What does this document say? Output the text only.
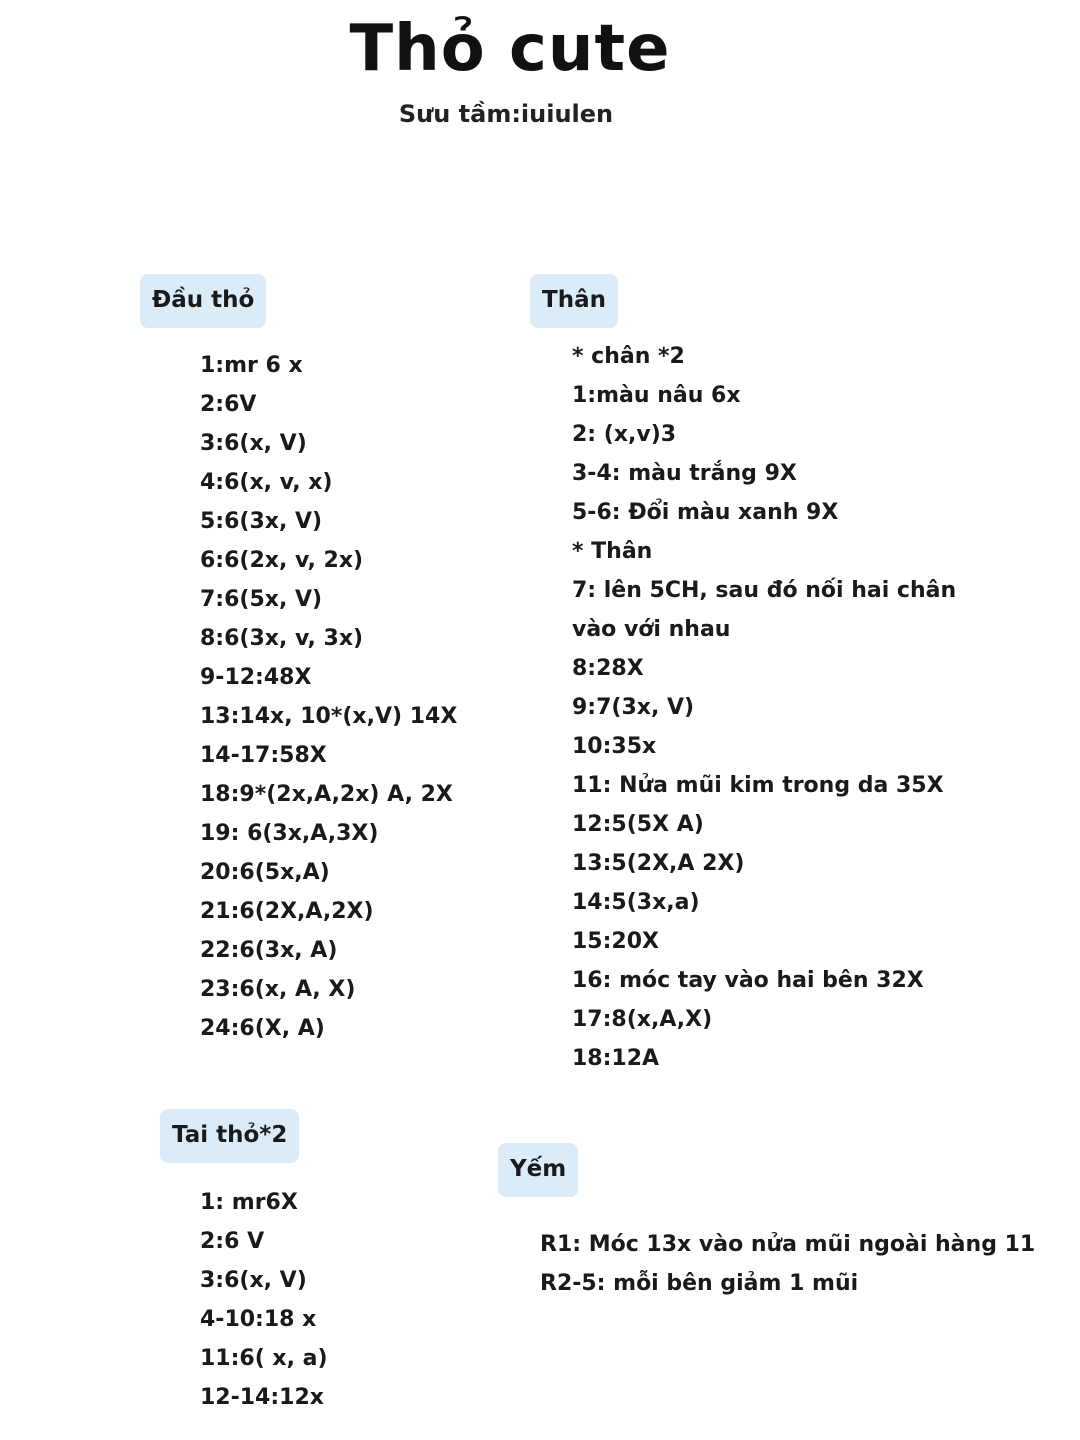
Thỏ cute
Sưu tầm:iuiulen
Đầu thỏ
1:mr 6 x
2:6V
3:6(x, V)
4:6(x, v, x)
5:6(3x, V)
6:6(2x, v, 2x)
7:6(5x, V)
8:6(3x, v, 3x)
9-12:48X
13:14x, 10*(x,V) 14X
14-17:58X
18:9*(2x,A,2x) A, 2X
19: 6(3x,A,3X)
20:6(5x,A)
21:6(2X,A,2X)
22:6(3x, A)
23:6(x, A, X)
24:6(X, A)
Thân
* chân *2
1:màu nâu 6x
2: (x,v)3
3-4: màu trắng 9X
5-6: Đổi màu xanh 9X
* Thân
7: lên 5CH, sau đó nối hai chân
vào với nhau
8:28X
9:7(3x, V)
10:35x
11: Nửa mũi kim trong da 35X
12:5(5X A)
13:5(2X,A 2X)
14:5(3x,a)
15:20X
16: móc tay vào hai bên 32X
17:8(x,A,X)
18:12A
Tai thỏ*2
1: mr6X
2:6 V
3:6(x, V)
4-10:18 x
11:6( x, a)
12-14:12x
Yếm
R1: Móc 13x vào nửa mũi ngoài hàng 11
R2-5: mỗi bên giảm 1 mũi
